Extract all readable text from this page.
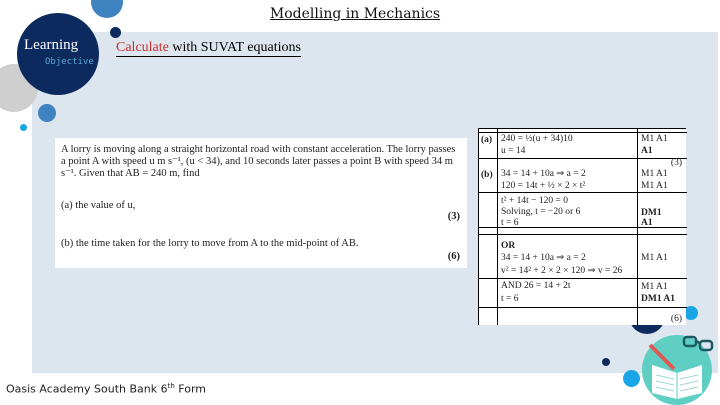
Modelling in Mechanics
Learning
Objective
Calculate with SUVAT equations
A lorry is moving along a straight horizontal road with constant acceleration. The lorry passes a point A with speed u m s⁻¹, (u < 34), and 10 seconds later passes a point B with speed 34 m s⁻¹. Given that AB = 240 m, find
(a) the value of u,
(3)
(b) the time taken for the lorry to move from A to the mid-point of AB.
(6)
(a) 240 = ½(u + 34)10	M1 A1
u = 14	A1
(3)
(b) 34 = 14 + 10a ⇒ a = 2	M1 A1
120 = 14t + ½ × 2 × t²	M1 A1
t² + 14t − 120 = 0
Solving, t = −20 or 6	DM1
t = 6	A1
OR
34 = 14 + 10a ⇒ a = 2	M1 A1
v² = 14² + 2 × 2 × 120 ⇒ v = 26
AND 26 = 14 + 2t	M1 A1
t = 6	DM1 A1
(6)
Oasis Academy South Bank 6th Form
